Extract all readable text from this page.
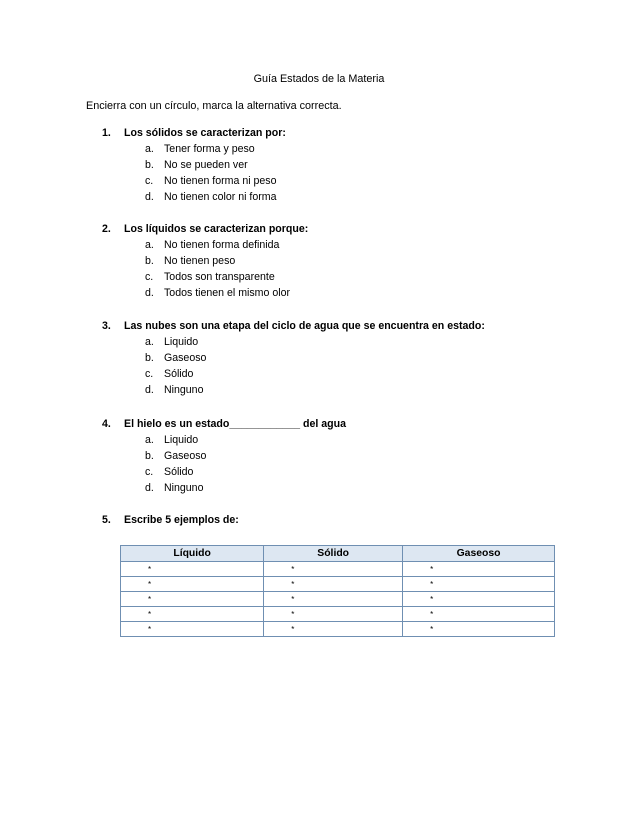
Guía Estados de la Materia
Encierra con un círculo, marca la alternativa correcta.
1. Los sólidos se caracterizan por:
a. Tener forma y peso
b. No se pueden ver
c. No tienen forma ni peso
d. No tienen color ni forma
2. Los líquidos se caracterizan porque:
a. No tienen forma definida
b. No tienen peso
c. Todos son transparente
d. Todos tienen el mismo olor
3. Las nubes son una etapa del ciclo de agua que se encuentra en estado:
a. Liquido
b. Gaseoso
c. Sólido
d. Ninguno
4. El hielo es un estado____________ del agua
a. Liquido
b. Gaseoso
c. Sólido
d. Ninguno
5. Escribe 5 ejemplos de:
Líquido	Sólido	Gaseoso
*	*	*
*	*	*
*	*	*
*	*	*
*	*	*
